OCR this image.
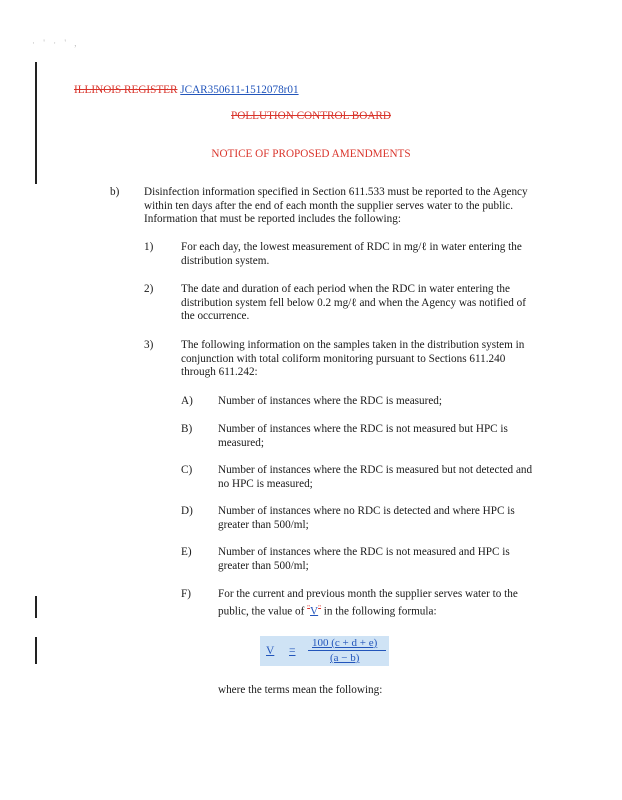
· ' · ' ,
ILLINOIS REGISTER JCAR350611-1512078r01
POLLUTION CONTROL BOARD
NOTICE OF PROPOSED AMENDMENTS
b) Disinfection information specified in Section 611.533 must be reported to the Agency within ten days after the end of each month the supplier serves water to the public. Information that must be reported includes the following:
1) For each day, the lowest measurement of RDC in mg/ℓ in water entering the distribution system.
2) The date and duration of each period when the RDC in water entering the distribution system fell below 0.2 mg/ℓ and when the Agency was notified of the occurrence.
3) The following information on the samples taken in the distribution system in conjunction with total coliform monitoring pursuant to Sections 611.240 through 611.242:
A) Number of instances where the RDC is measured;
B) Number of instances where the RDC is not measured but HPC is measured;
C) Number of instances where the RDC is measured but not detected and no HPC is measured;
D) Number of instances where no RDC is detected and where HPC is greater than 500/ml;
E) Number of instances where the RDC is not measured and HPC is greater than 500/ml;
F) For the current and previous month the supplier serves water to the public, the value of "V" in the following formula:
V =
100 (c + d + e)
(a − b)
where the terms mean the following:
